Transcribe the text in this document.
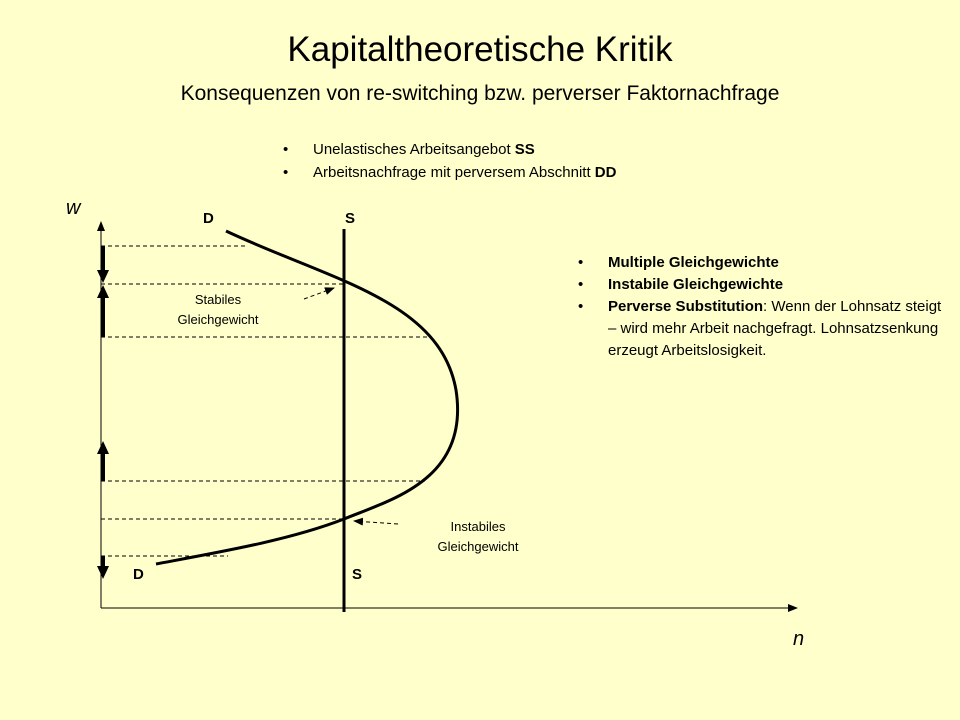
Kapitaltheoretische Kritik
Konsequenzen von re-switching bzw. perverser Faktornachfrage
• Unelastisches Arbeitsangebot SS
• Arbeitsnachfrage mit perversem Abschnitt DD
• Multiple Gleichgewichte
• Instabile Gleichgewichte
• Perverse Substitution: Wenn der Lohnsatz steigt – wird mehr Arbeit nachgefragt. Lohnsatzsenkung erzeugt Arbeitslosigkeit.
w
n
D	S
D	S
Stabiles
Gleichgewicht
Instabiles
Gleichgewicht
